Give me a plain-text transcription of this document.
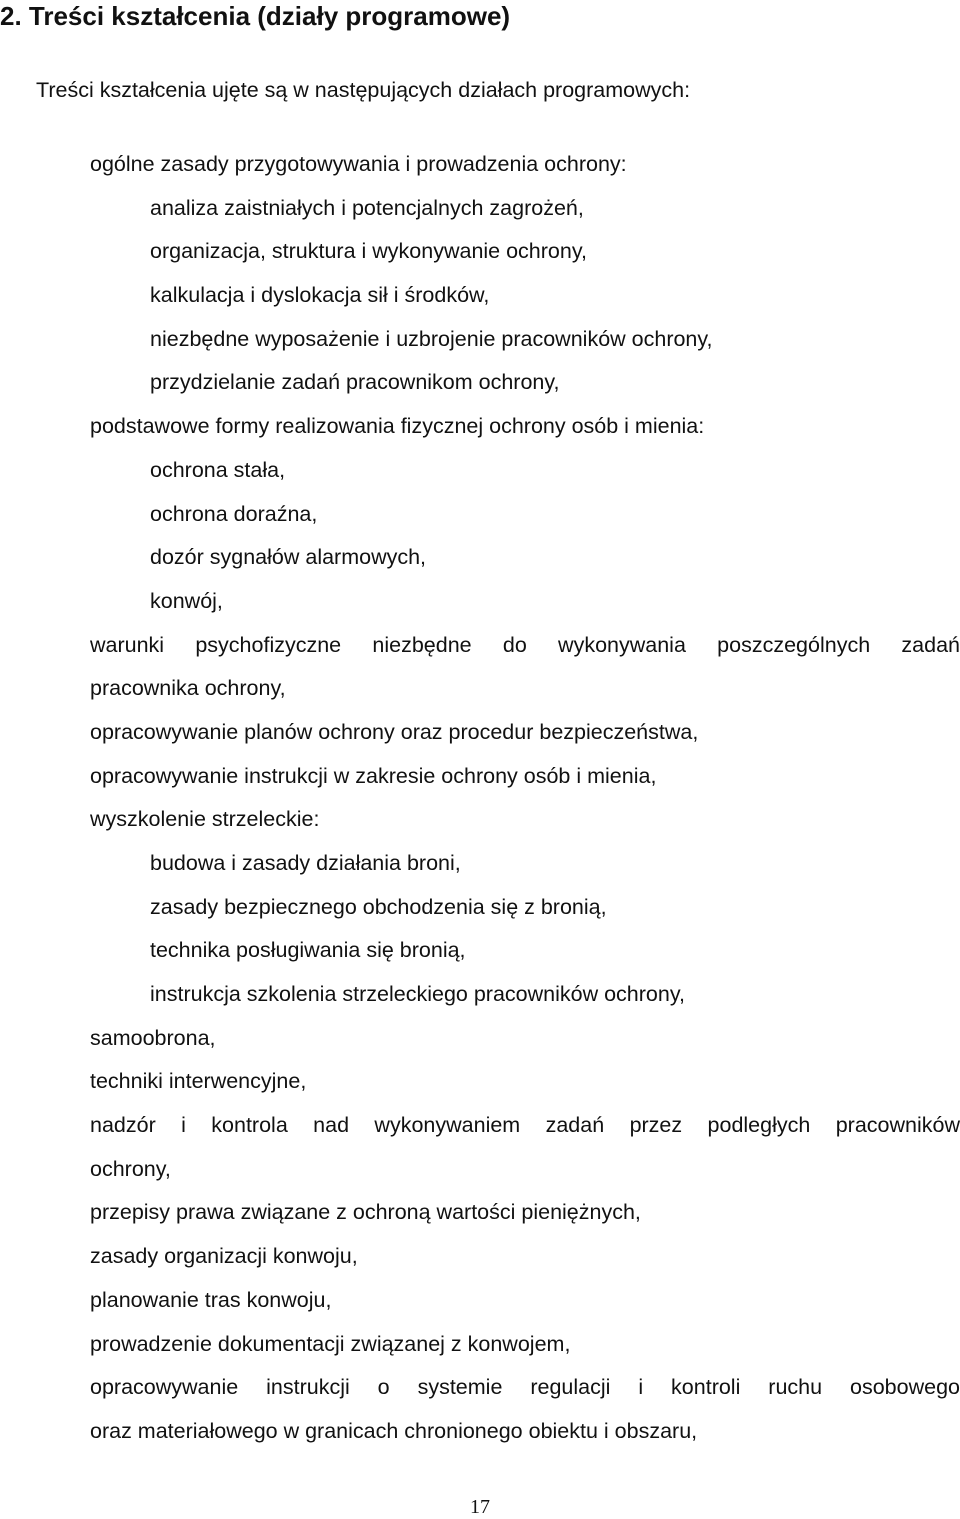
2. Treści kształcenia (działy programowe)
Treści kształcenia ujęte są w następujących działach programowych:
ogólne zasady przygotowywania i prowadzenia ochrony:
analiza zaistniałych i potencjalnych zagrożeń,
organizacja, struktura i wykonywanie ochrony,
kalkulacja i dyslokacja sił i środków,
niezbędne wyposażenie i uzbrojenie pracowników ochrony,
przydzielanie zadań pracownikom ochrony,
podstawowe formy realizowania fizycznej ochrony osób i mienia:
ochrona stała,
ochrona doraźna,
dozór sygnałów alarmowych,
konwój,
warunki psychofizyczne niezbędne do wykonywania poszczególnych zadań
pracownika ochrony,
opracowywanie planów ochrony oraz procedur bezpieczeństwa,
opracowywanie instrukcji w zakresie ochrony osób i mienia,
wyszkolenie strzeleckie:
budowa i zasady działania broni,
zasady bezpiecznego obchodzenia się z bronią,
technika posługiwania się bronią,
instrukcja szkolenia strzeleckiego pracowników ochrony,
samoobrona,
techniki interwencyjne,
nadzór i kontrola nad wykonywaniem zadań przez podległych pracowników
ochrony,
przepisy prawa związane z ochroną wartości pieniężnych,
zasady organizacji konwoju,
planowanie tras konwoju,
prowadzenie dokumentacji związanej z konwojem,
opracowywanie instrukcji o systemie regulacji i kontroli ruchu osobowego
oraz materiałowego w granicach chronionego obiektu i obszaru,
17
